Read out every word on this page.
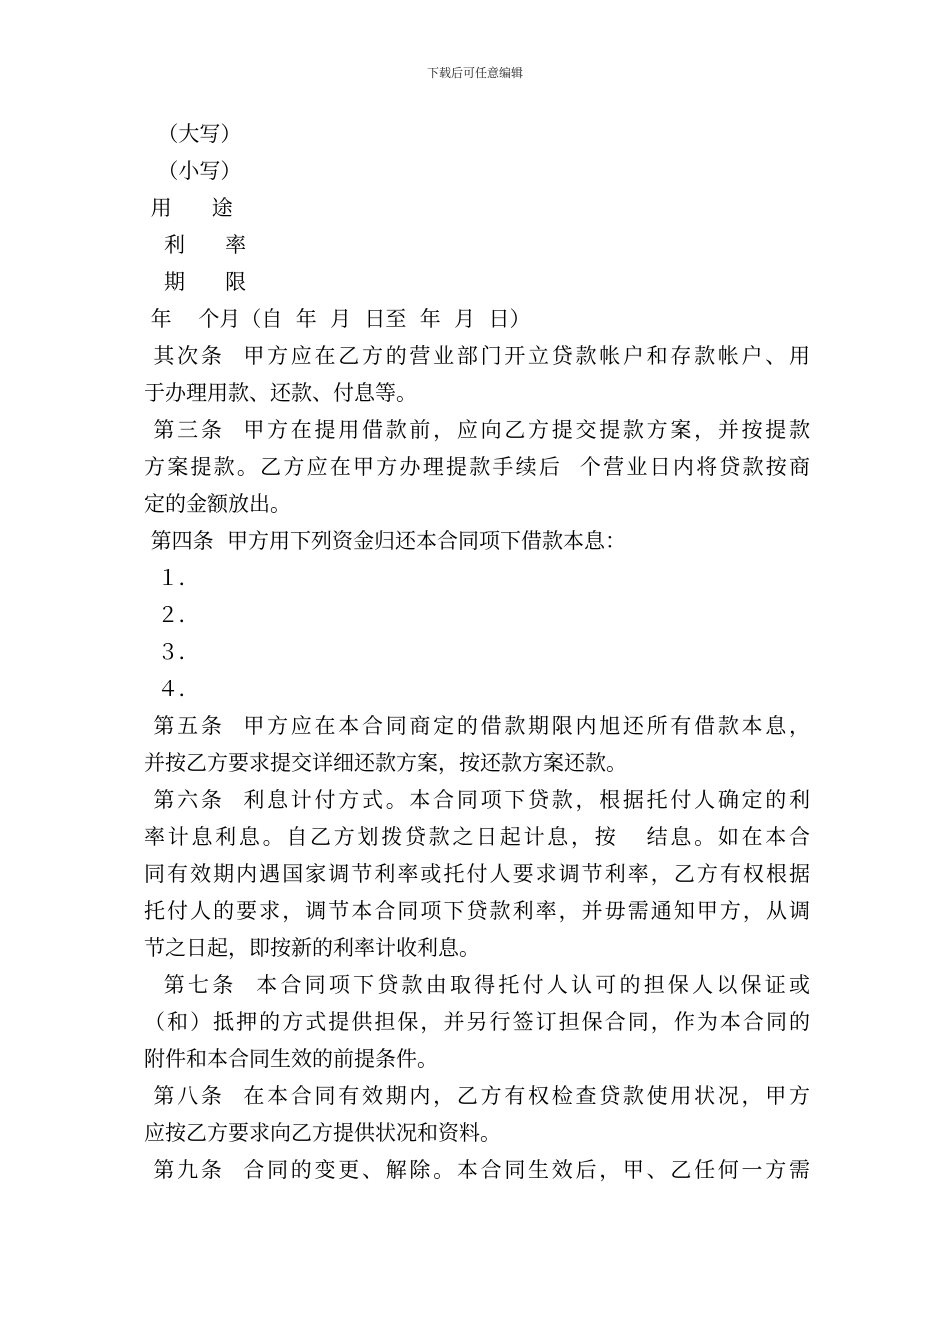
下载后可任意编辑
（大写）
（小写）
用      途
利      率
期      限
年    个月（自  年  月  日至  年  月  日）
其次条  甲方应在乙方的营业部门开立贷款帐户和存款帐户、用
于办理用款、还款、付息等。
第三条  甲方在提用借款前，应向乙方提交提款方案，并按提款
方案提款。乙方应在甲方办理提款手续后  个营业日内将贷款按商
定的金额放出。
第四条  甲方用下列资金归还本合同项下借款本息：
１.
２.
３.
４.
第五条  甲方应在本合同商定的借款期限内旭还所有借款本息，
并按乙方要求提交详细还款方案，按还款方案还款。
第六条  利息计付方式。本合同项下贷款，根据托付人确定的利
率计息利息。自乙方划拨贷款之日起计息，按   结息。如在本合
同有效期内遇国家调节利率或托付人要求调节利率，乙方有权根据
托付人的要求，调节本合同项下贷款利率，并毋需通知甲方，从调
节之日起，即按新的利率计收利息。
第七条  本合同项下贷款由取得托付人认可的担保人以保证或
（和）抵押的方式提供担保，并另行签订担保合同，作为本合同的
附件和本合同生效的前提条件。
第八条  在本合同有效期内，乙方有权检查贷款使用状况，甲方
应按乙方要求向乙方提供状况和资料。
第九条  合同的变更、解除。本合同生效后，甲、乙任何一方需
